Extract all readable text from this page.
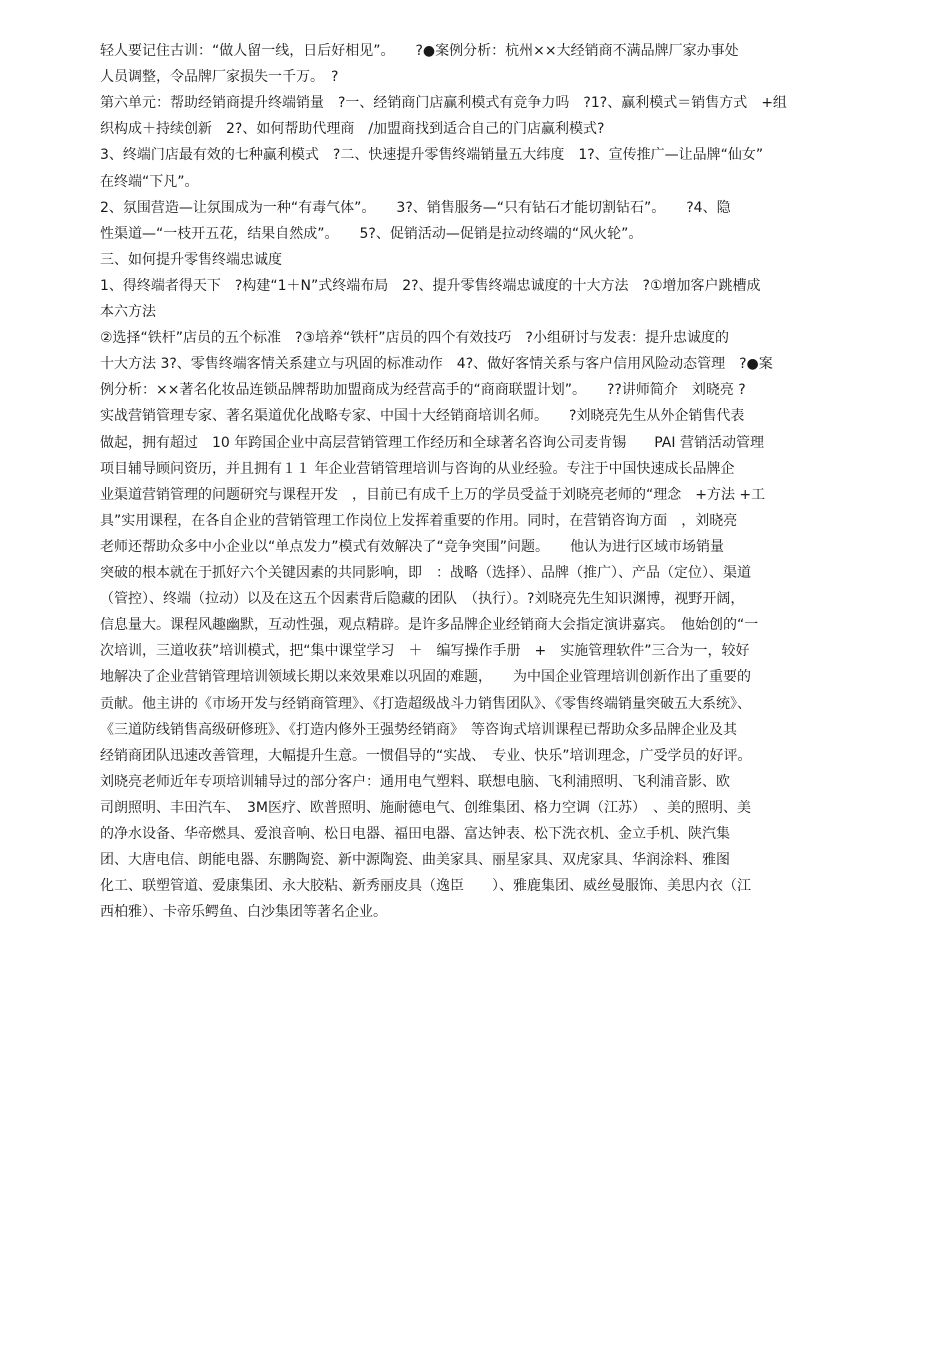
轻人要记住古训：“做人留一线，日后好相见”。　　?●案例分析：杭州××大经销商不满品牌厂家办事处
人员调整，令品牌厂家损失一千万。　?
第六单元：帮助经销商提升终端销量　?一、经销商门店赢利模式有竞争力吗　?1?、赢利模式＝销售方式　+组
织构成＋持续创新　2?、如何帮助代理商　/加盟商找到适合自己的门店赢利模式?
3、终端门店最有效的七种赢利模式　?二、快速提升零售终端销量五大纬度　1?、宣传推广—让品牌“仙女”
在终端“下凡”。
2、氛围营造—让氛围成为一种“有毒气体”。　　3?、销售服务—“只有钻石才能切割钻石”。　　?4、隐
性渠道—“一枝开五花，结果自然成”。　　5?、促销活动—促销是拉动终端的“风火轮”。
三、如何提升零售终端忠诚度
1、得终端者得天下　?构建“1＋N”式终端布局　2?、提升零售终端忠诚度的十大方法　?①增加客户跳槽成
本六方法
②选择“铁杆”店员的五个标准　?③培养“铁杆”店员的四个有效技巧　?小组研讨与发表：提升忠诚度的
十大方法 3?、零售终端客情关系建立与巩固的标准动作　4?、做好客情关系与客户信用风险动态管理　?●案
例分析：××著名化妆品连锁品牌帮助加盟商成为经营高手的“商商联盟计划”。　　??讲师简介　刘晓亮 ?
实战营销管理专家、著名渠道优化战略专家、中国十大经销商培训名师。　　?刘晓亮先生从外企销售代表
做起，拥有超过　10 年跨国企业中高层营销管理工作经历和全球著名咨询公司麦肯锡　　PAI 营销活动管理
项目辅导顾问资历，并且拥有１１ 年企业营销管理培训与咨询的从业经验。专注于中国快速成长品牌企
业渠道营销管理的问题研究与课程开发　，目前已有成千上万的学员受益于刘晓亮老师的“理念　+方法 +工
具”实用课程，在各自企业的营销管理工作岗位上发挥着重要的作用。同时，在营销咨询方面　，刘晓亮
老师还帮助众多中小企业以“单点发力”模式有效解决了“竞争突围”问题。　　他认为进行区域市场销量
突破的根本就在于抓好六个关键因素的共同影响，即　：战略（选择）、品牌（推广）、产品（定位）、渠道
（管控）、终端（拉动）以及在这五个因素背后隐藏的团队　（执行）。?刘晓亮先生知识渊博，视野开阔，
信息量大。课程风趣幽默，互动性强，观点精辟。是许多品牌企业经销商大会指定演讲嘉宾。　他始创的“一
次培训，三道收获”培训模式，把“集中课堂学习　＋　编写操作手册　+　实施管理软件”三合为一，较好
地解决了企业营销管理培训领域长期以来效果难以巩固的难题，　　为中国企业管理培训创新作出了重要的
贡献。他主讲的《市场开发与经销商管理》、《打造超级战斗力销售团队》、《零售终端销量突破五大系统》、
《三道防线销售高级研修班》、《打造内修外王强势经销商》　等咨询式培训课程已帮助众多品牌企业及其
经销商团队迅速改善管理，大幅提升生意。一惯倡导的“实战、　专业、快乐”培训理念，广受学员的好评。
刘晓亮老师近年专项培训辅导过的部分客户：通用电气塑料、联想电脑、飞利浦照明、飞利浦音影、欧
司朗照明、丰田汽车、　3M医疗、欧普照明、施耐德电气、创维集团、格力空调（江苏）　、美的照明、美
的净水设备、华帝燃具、爱浪音响、松日电器、福田电器、富达钟表、松下洗衣机、金立手机、陕汽集
团、大唐电信、朗能电器、东鹏陶瓷、新中源陶瓷、曲美家具、丽星家具、双虎家具、华润涂料、雅图
化工、联塑管道、爱康集团、永大胶粘、新秀丽皮具（逸臣　　）、雅鹿集团、威丝曼服饰、美思内衣（江
西柏雅）、卡帝乐鳄鱼、白沙集团等著名企业。
